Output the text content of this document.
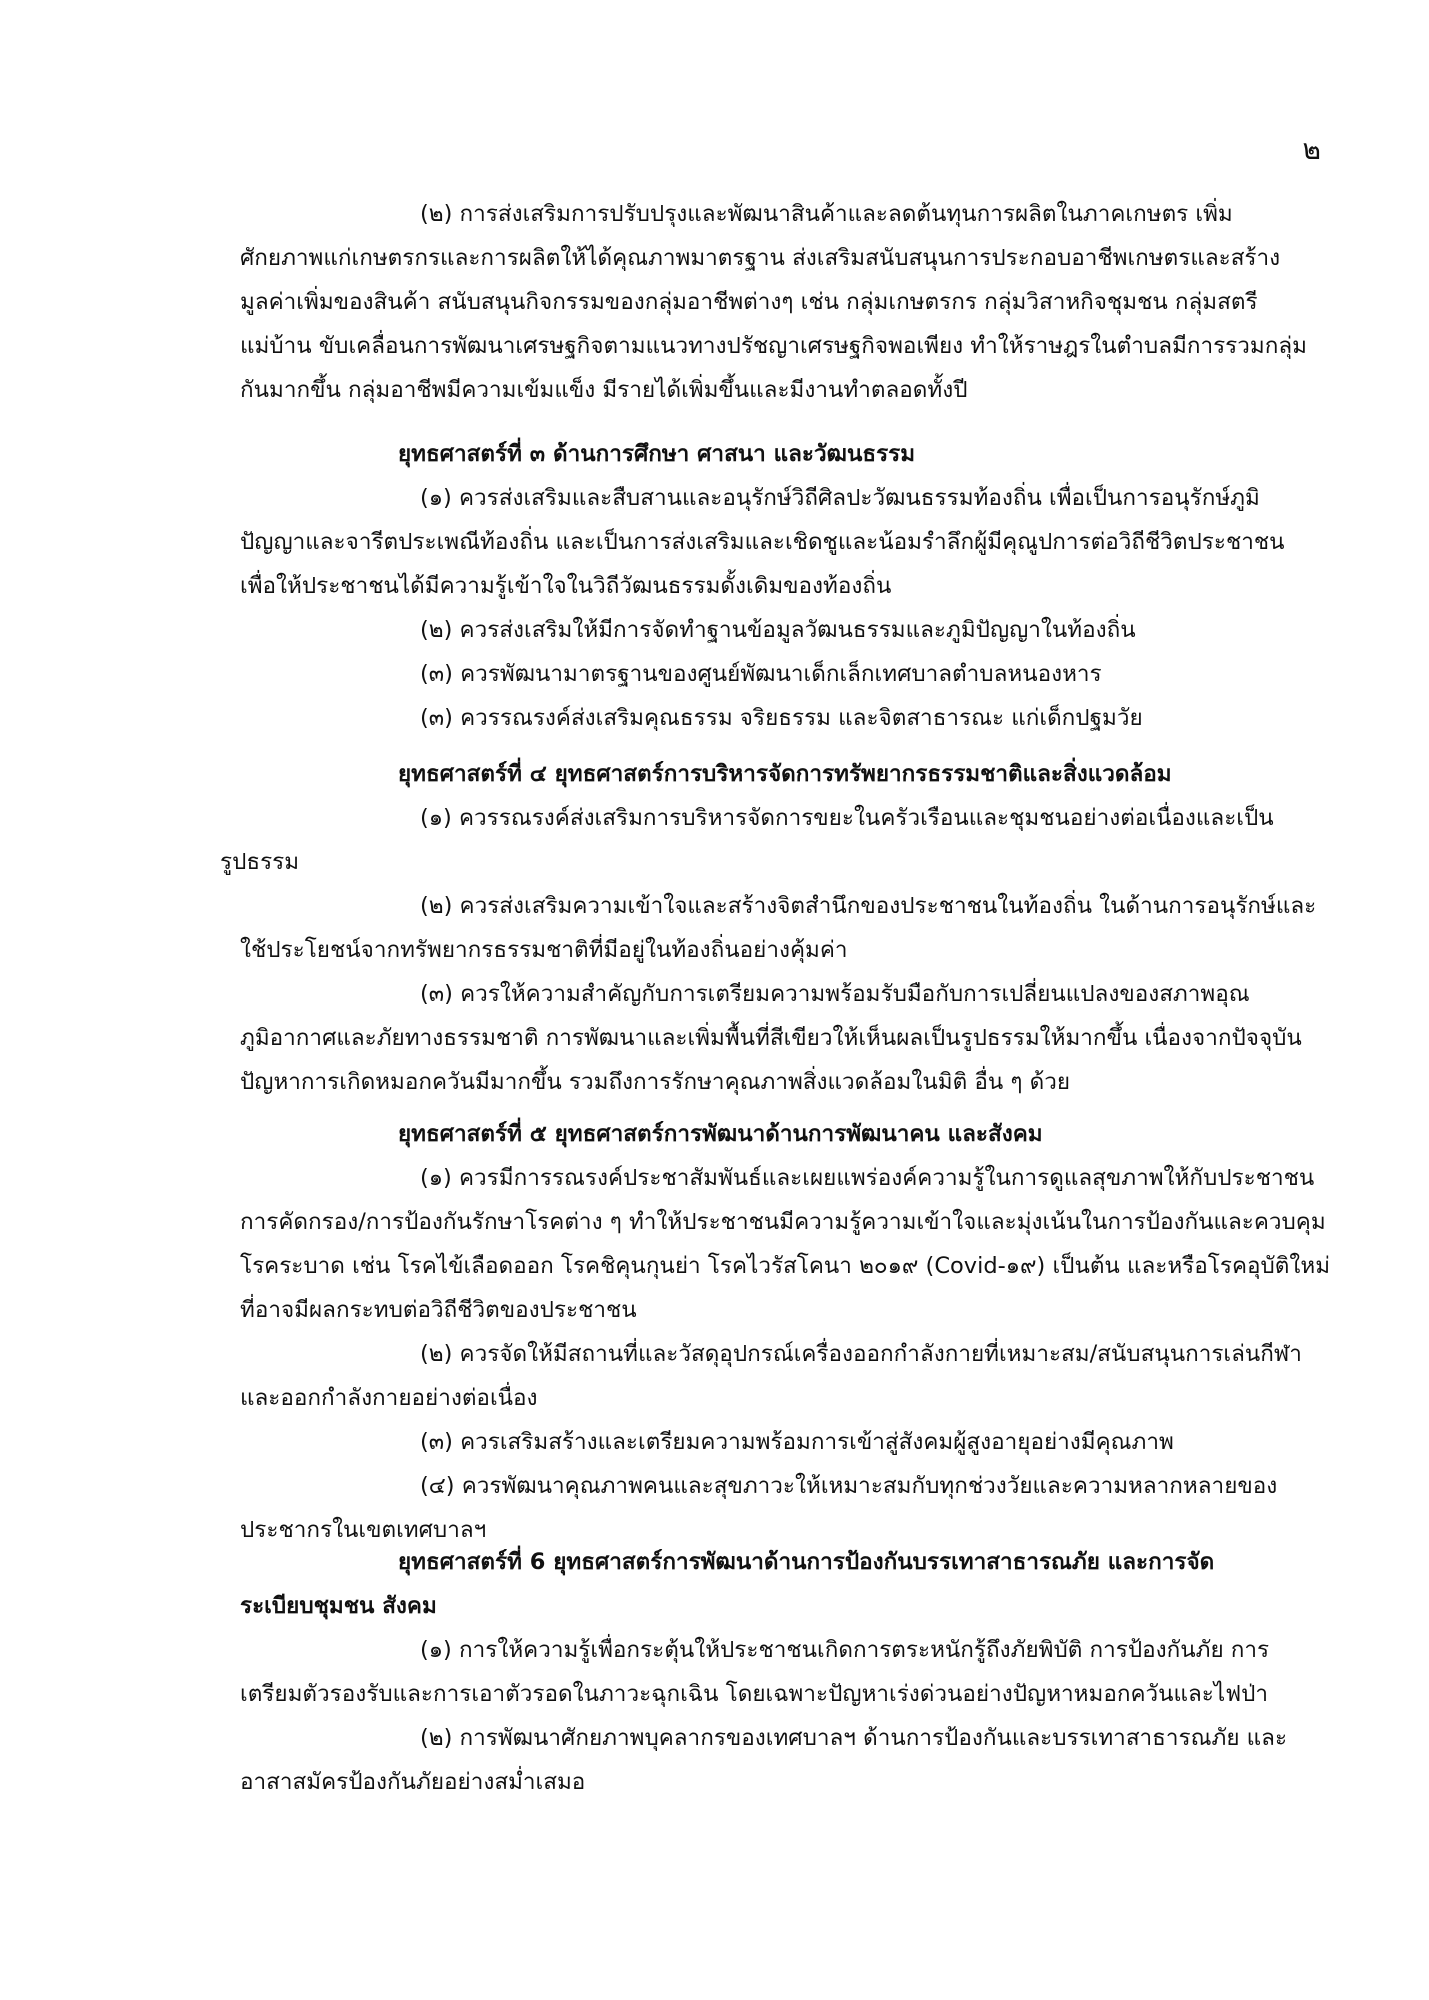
๒
(๒) การส่งเสริมการปรับปรุงและพัฒนาสินค้าและลดต้นทุนการผลิตในภาคเกษตร เพิ่ม
ศักยภาพแก่เกษตรกรและการผลิตให้ได้คุณภาพมาตรฐาน ส่งเสริมสนับสนุนการประกอบอาชีพเกษตรและสร้าง
มูลค่าเพิ่มของสินค้า สนับสนุนกิจกรรมของกลุ่มอาชีพต่างๆ เช่น กลุ่มเกษตรกร กลุ่มวิสาหกิจชุมชน กลุ่มสตรี
แม่บ้าน ขับเคลื่อนการพัฒนาเศรษฐกิจตามแนวทางปรัชญาเศรษฐกิจพอเพียง ทำให้ราษฎรในตำบลมีการรวมกลุ่ม
กันมากขึ้น กลุ่มอาชีพมีความเข้มแข็ง มีรายได้เพิ่มขึ้นและมีงานทำตลอดทั้งปี
ยุทธศาสตร์ที่ ๓ ด้านการศึกษา ศาสนา และวัฒนธรรม
(๑) ควรส่งเสริมและสืบสานและอนุรักษ์วิถีศิลปะวัฒนธรรมท้องถิ่น เพื่อเป็นการอนุรักษ์ภูมิ
ปัญญาและจารีตประเพณีท้องถิ่น และเป็นการส่งเสริมและเชิดชูและน้อมรำลึกผู้มีคุณูปการต่อวิถีชีวิตประชาชน
เพื่อให้ประชาชนได้มีความรู้เข้าใจในวิถีวัฒนธรรมดั้งเดิมของท้องถิ่น
(๒) ควรส่งเสริมให้มีการจัดทำฐานข้อมูลวัฒนธรรมและภูมิปัญญาในท้องถิ่น
(๓) ควรพัฒนามาตรฐานของศูนย์พัฒนาเด็กเล็กเทศบาลตำบลหนองหาร
(๓) ควรรณรงค์ส่งเสริมคุณธรรม จริยธรรม และจิตสาธารณะ แก่เด็กปฐมวัย
ยุทธศาสตร์ที่ ๔ ยุทธศาสตร์การบริหารจัดการทรัพยากรธรรมชาติและสิ่งแวดล้อม
(๑) ควรรณรงค์ส่งเสริมการบริหารจัดการขยะในครัวเรือนและชุมชนอย่างต่อเนื่องและเป็น
รูปธรรม
(๒) ควรส่งเสริมความเข้าใจและสร้างจิตสำนึกของประชาชนในท้องถิ่น ในด้านการอนุรักษ์และ
ใช้ประโยชน์จากทรัพยากรธรรมชาติที่มีอยู่ในท้องถิ่นอย่างคุ้มค่า
(๓) ควรให้ความสำคัญกับการเตรียมความพร้อมรับมือกับการเปลี่ยนแปลงของสภาพอุณ
ภูมิอากาศและภัยทางธรรมชาติ การพัฒนาและเพิ่มพื้นที่สีเขียวให้เห็นผลเป็นรูปธรรมให้มากขึ้น เนื่องจากปัจจุบัน
ปัญหาการเกิดหมอกควันมีมากขึ้น รวมถึงการรักษาคุณภาพสิ่งแวดล้อมในมิติ อื่น ๆ ด้วย
ยุทธศาสตร์ที่ ๕ ยุทธศาสตร์การพัฒนาด้านการพัฒนาคน และสังคม
(๑) ควรมีการรณรงค์ประชาสัมพันธ์และเผยแพร่องค์ความรู้ในการดูแลสุขภาพให้กับประชาชน
การคัดกรอง/การป้องกันรักษาโรคต่าง ๆ ทำให้ประชาชนมีความรู้ความเข้าใจและมุ่งเน้นในการป้องกันและควบคุม
โรคระบาด เช่น โรคไข้เลือดออก โรคชิคุนกุนย่า โรคไวรัสโคนา ๒๐๑๙ (Covid-๑๙) เป็นต้น และหรือโรคอุบัติใหม่
ที่อาจมีผลกระทบต่อวิถีชีวิตของประชาชน
(๒) ควรจัดให้มีสถานที่และวัสดุอุปกรณ์เครื่องออกกำลังกายที่เหมาะสม/สนับสนุนการเล่นกีฬา
และออกกำลังกายอย่างต่อเนื่อง
(๓) ควรเสริมสร้างและเตรียมความพร้อมการเข้าสู่สังคมผู้สูงอายุอย่างมีคุณภาพ
(๔) ควรพัฒนาคุณภาพคนและสุขภาวะให้เหมาะสมกับทุกช่วงวัยและความหลากหลายของ
ประชากรในเขตเทศบาลฯ
ยุทธศาสตร์ที่ 6 ยุทธศาสตร์การพัฒนาด้านการป้องกันบรรเทาสาธารณภัย และการจัด
ระเบียบชุมชน สังคม
(๑) การให้ความรู้เพื่อกระตุ้นให้ประชาชนเกิดการตระหนักรู้ถึงภัยพิบัติ การป้องกันภัย การ
เตรียมตัวรองรับและการเอาตัวรอดในภาวะฉุกเฉิน โดยเฉพาะปัญหาเร่งด่วนอย่างปัญหาหมอกควันและไฟป่า
(๒) การพัฒนาศักยภาพบุคลากรของเทศบาลฯ ด้านการป้องกันและบรรเทาสาธารณภัย และ
อาสาสมัครป้องกันภัยอย่างสม่ำเสมอ
